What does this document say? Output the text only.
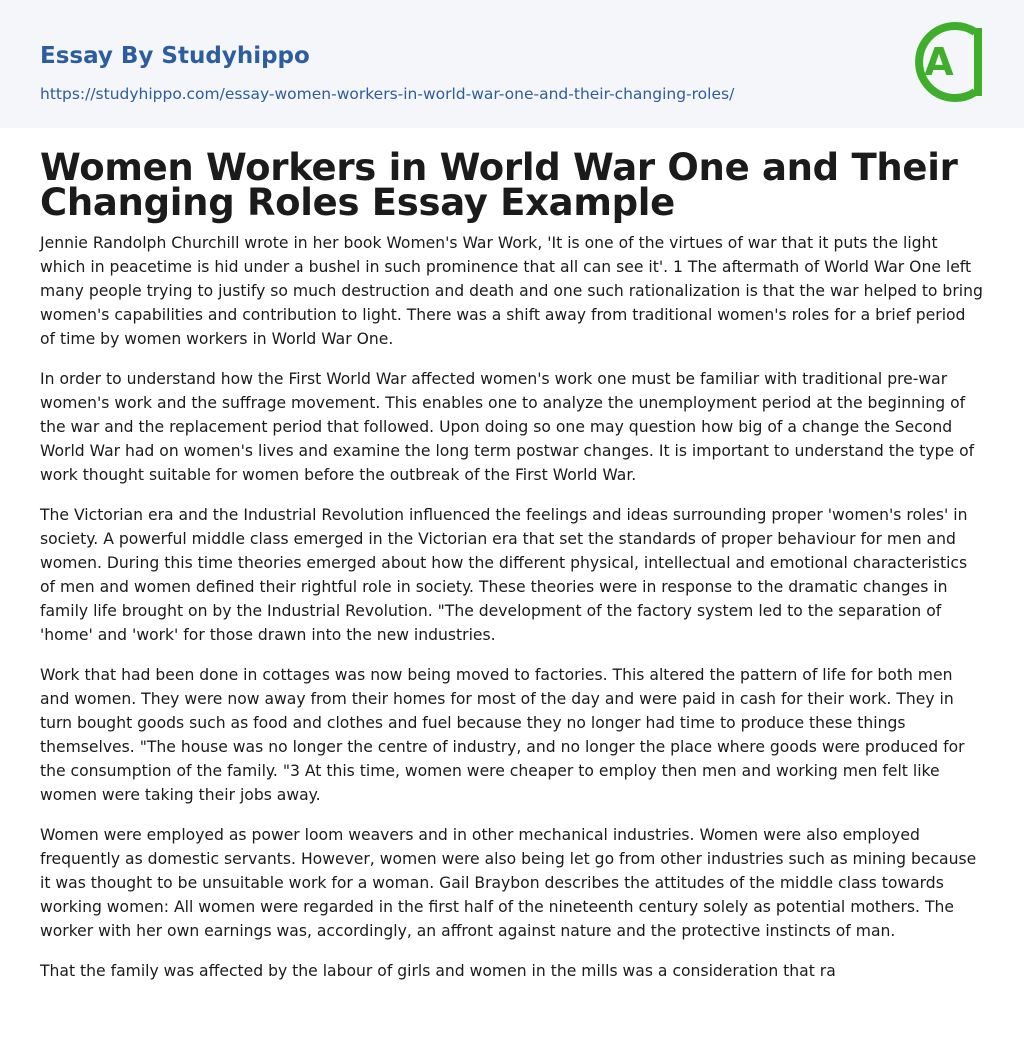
Essay By Studyhippo
https://studyhippo.com/essay-women-workers-in-world-war-one-and-their-changing-roles/
A
Women Workers in World War One and Their Changing Roles Essay Example

Jennie Randolph Churchill wrote in her book Women's War Work, 'It is one of the virtues of war that it puts the light which in peacetime is hid under a bushel in such prominence that all can see it'. 1 The aftermath of World War One left many people trying to justify so much destruction and death and one such rationalization is that the war helped to bring women's capabilities and contribution to light. There was a shift away from traditional women's roles for a brief period of time by women workers in World War One.

In order to understand how the First World War affected women's work one must be familiar with traditional pre-war women's work and the suffrage movement. This enables one to analyze the unemployment period at the beginning of the war and the replacement period that followed. Upon doing so one may question how big of a change the Second World War had on women's lives and examine the long term postwar changes. It is important to understand the type of work thought suitable for women before the outbreak of the First World War.

The Victorian era and the Industrial Revolution influenced the feelings and ideas surrounding proper 'women's roles' in society. A powerful middle class emerged in the Victorian era that set the standards of proper behaviour for men and women. During this time theories emerged about how the different physical, intellectual and emotional characteristics of men and women defined their rightful role in society. These theories were in response to the dramatic changes in family life brought on by the Industrial Revolution. "The development of the factory system led to the separation of 'home' and 'work' for those drawn into the new industries.

Work that had been done in cottages was now being moved to factories. This altered the pattern of life for both men and women. They were now away from their homes for most of the day and were paid in cash for their work. They in turn bought goods such as food and clothes and fuel because they no longer had time to produce these things themselves. "The house was no longer the centre of industry, and no longer the place where goods were produced for the consumption of the family. "3 At this time, women were cheaper to employ then men and working men felt like women were taking their jobs away.

Women were employed as power loom weavers and in other mechanical industries. Women were also employed frequently as domestic servants. However, women were also being let go from other industries such as mining because it was thought to be unsuitable work for a woman. Gail Braybon describes the attitudes of the middle class towards working women: All women were regarded in the first half of the nineteenth century solely as potential mothers. The worker with her own earnings was, accordingly, an affront against nature and the protective instincts of man.

That the family was affected by the labour of girls and women in the mills was a consideration that ra
